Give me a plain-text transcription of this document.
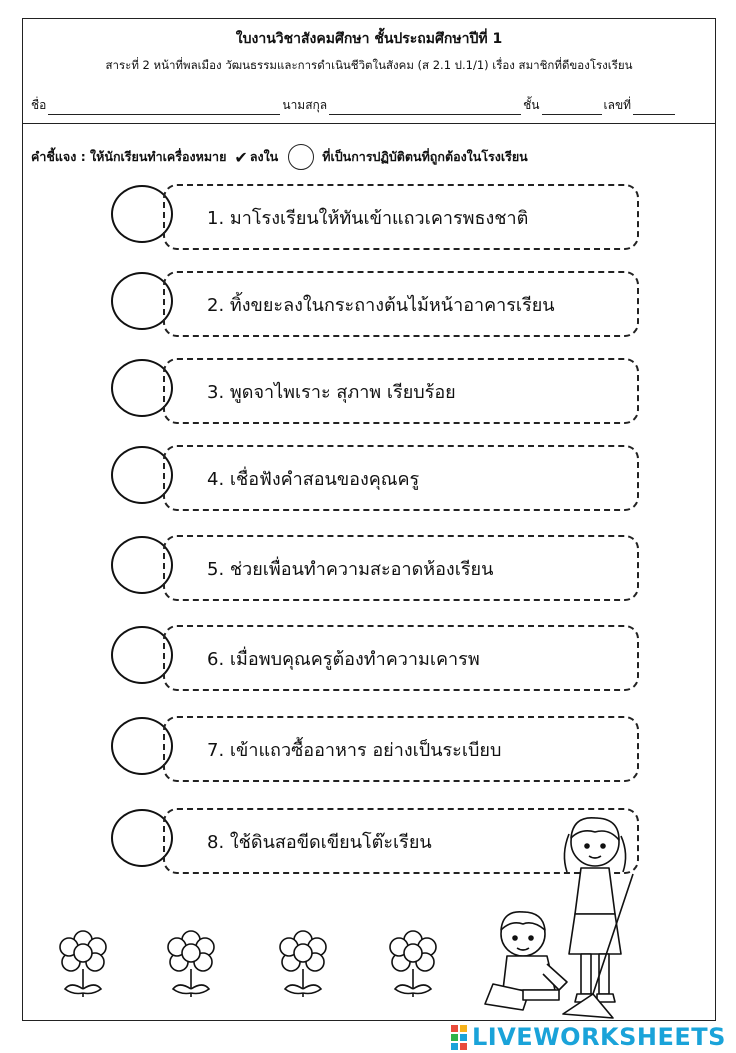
ใบงานวิชาสังคมศึกษา ชั้นประถมศึกษาปีที่ 1
สาระที่ 2 หน้าที่พลเมือง วัฒนธรรมและการดำเนินชีวิตในสังคม (ส 2.1 ป.1/1) เรื่อง สมาชิกที่ดีของโรงเรียน
ชื่อ	นามสกุล	ชั้น	เลขที่
คำชี้แจง : ให้นักเรียนทำเครื่องหมาย ✔ ลงใน	ที่เป็นการปฏิบัติตนที่ถูกต้องในโรงเรียน
1. มาโรงเรียนให้ทันเข้าแถวเคารพธงชาติ
2. ทิ้งขยะลงในกระถางต้นไม้หน้าอาคารเรียน
3. พูดจาไพเราะ สุภาพ เรียบร้อย
4. เชื่อฟังคำสอนของคุณครู
5. ช่วยเพื่อนทำความสะอาดห้องเรียน
6. เมื่อพบคุณครูต้องทำความเคารพ
7. เข้าแถวซื้ออาหาร อย่างเป็นระเบียบ
8. ใช้ดินสอขีดเขียนโต๊ะเรียน
LIVEWORKSHEETS
